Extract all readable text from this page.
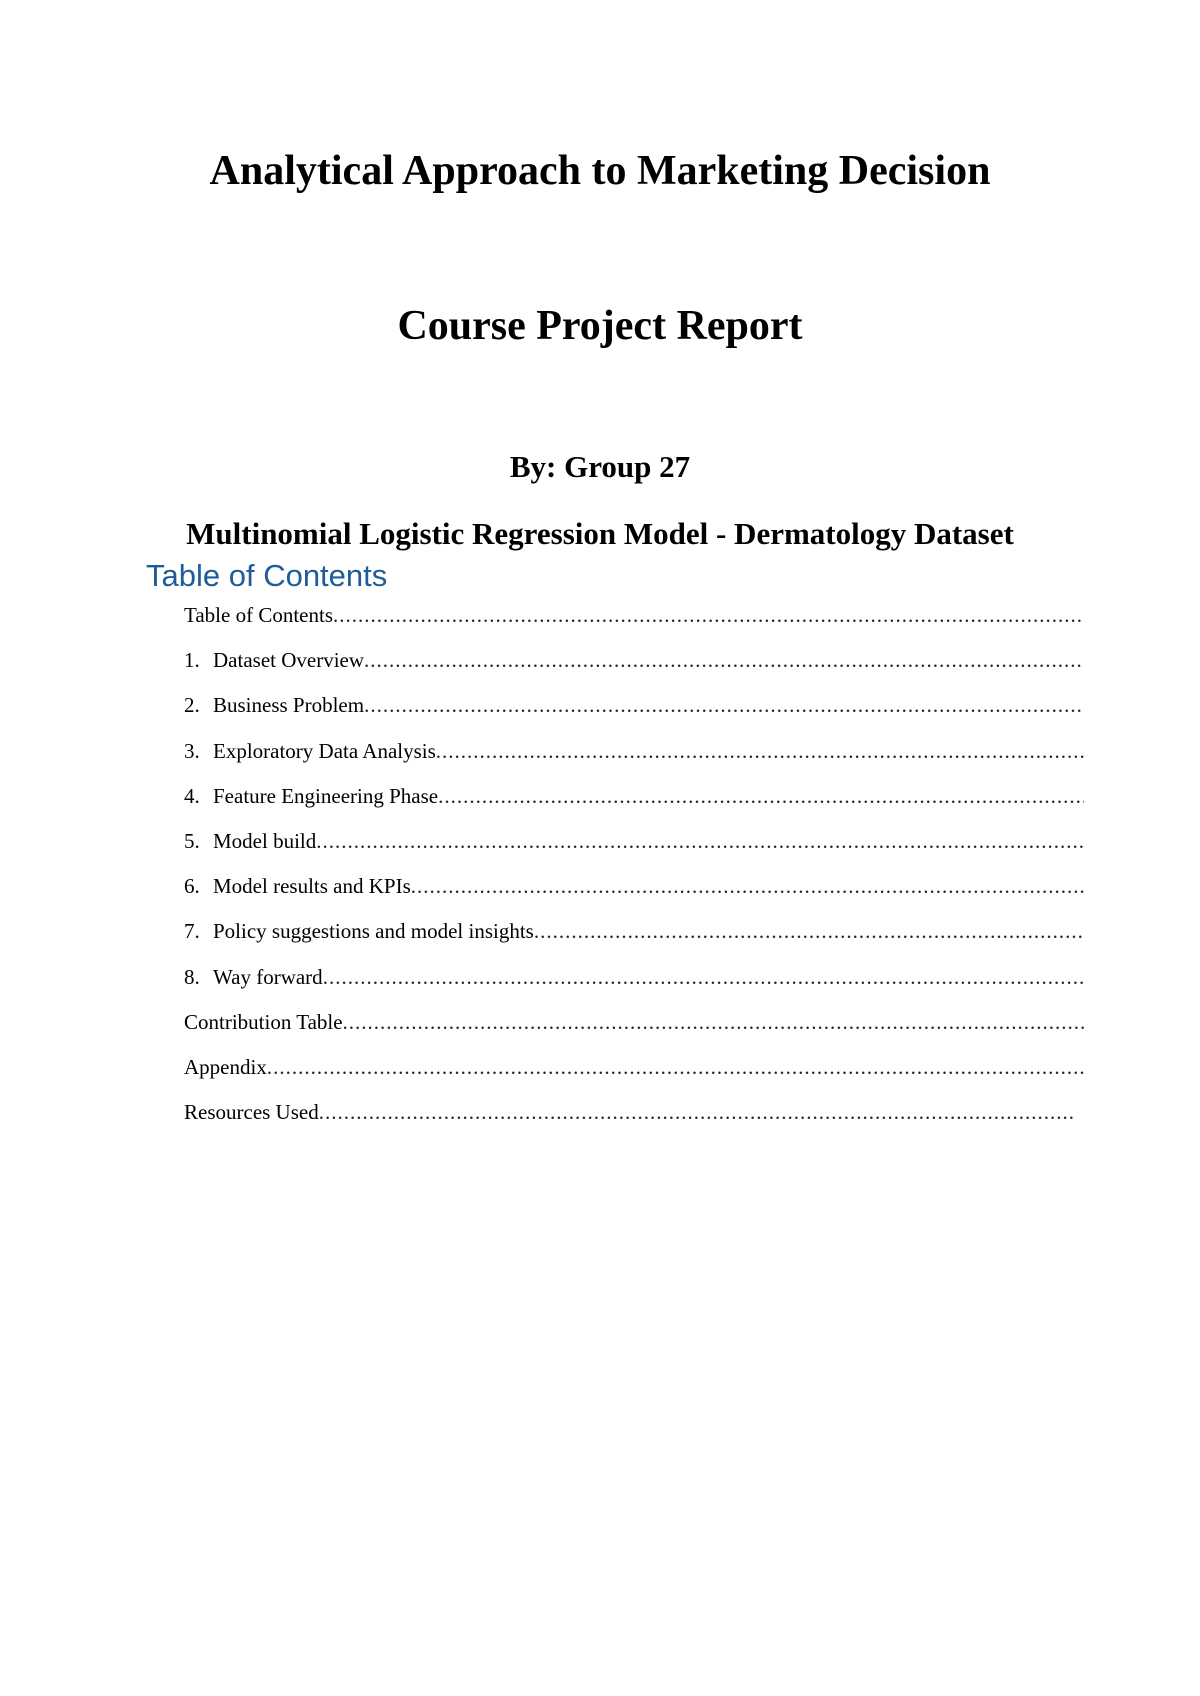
Analytical Approach to Marketing Decision
Course Project Report
By: Group 27
Multinomial Logistic Regression Model - Dermatology Dataset
Table of Contents
Table of Contents
.....
1. Dataset Overview
.....
2. Business Problem
.....
3. Exploratory Data Analysis
.....
4. Feature Engineering Phase
.....
5. Model build
.....
6. Model results and KPIs
.....
7. Policy suggestions and model insights
.....
8. Way forward
.....
Contribution Table
.....
Appendix
.....
Resources Used
.....
